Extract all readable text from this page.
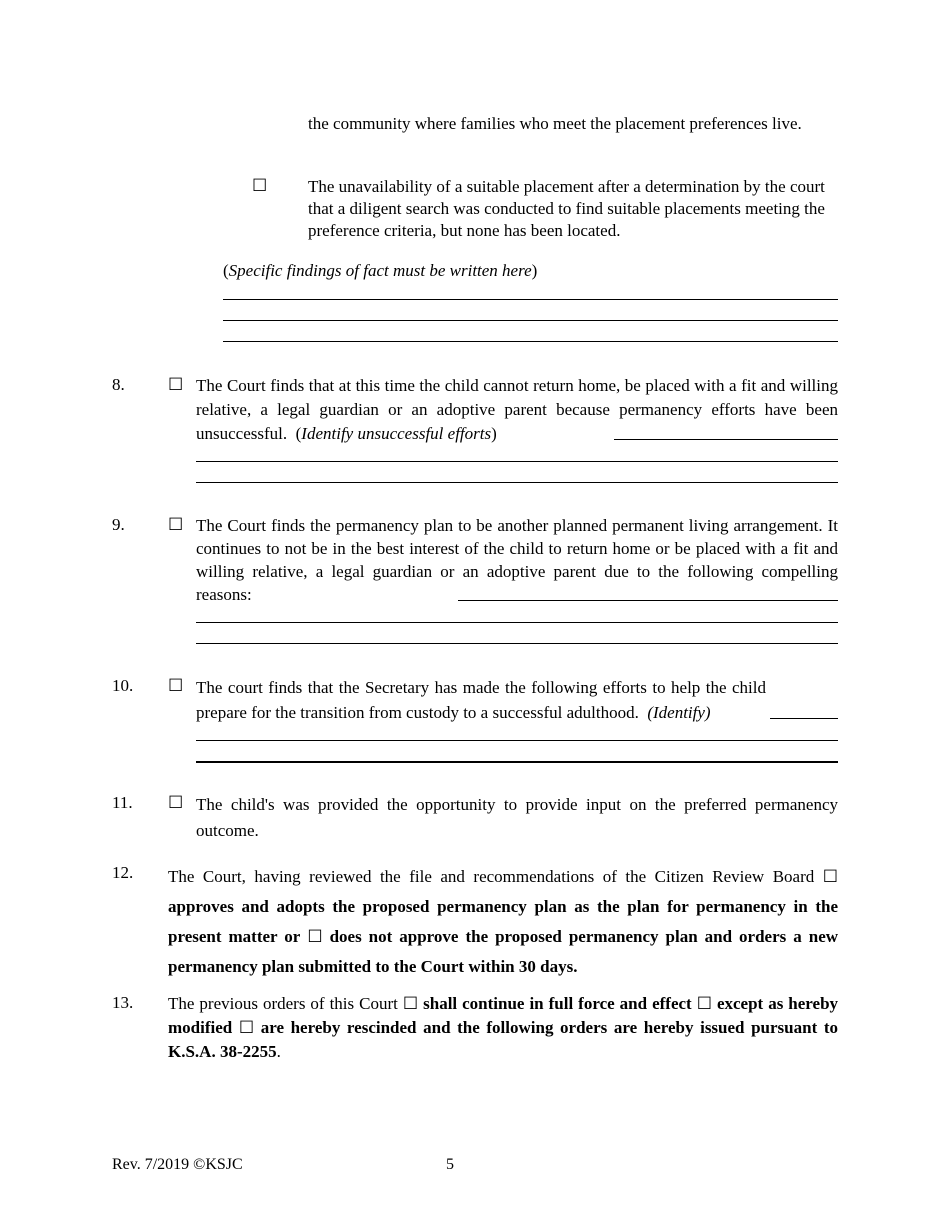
the community where families who meet the placement preferences live.

☐ The unavailability of a suitable placement after a determination by the court that a diligent search was conducted to find suitable placements meeting the preference criteria, but none has been located.

(Specific findings of fact must be written here)

8.	☐ The Court finds that at this time the child cannot return home, be placed with a fit and willing relative, a legal guardian or an adoptive parent because permanency efforts have been unsuccessful. (Identify unsuccessful efforts)

9.	☐ The Court finds the permanency plan to be another planned permanent living arrangement. It continues to not be in the best interest of the child to return home or be placed with a fit and willing relative, a legal guardian or an adoptive parent due to the following compelling reasons:

10. ☐ The court finds that the Secretary has made the following efforts to help the child prepare for the transition from custody to a successful adulthood. (Identify)

11. ☐ The child's was provided the opportunity to provide input on the preferred permanency outcome.

12. The Court, having reviewed the file and recommendations of the Citizen Review Board ☐ approves and adopts the proposed permanency plan as the plan for permanency in the present matter or ☐ does not approve the proposed permanency plan and orders a new permanency plan submitted to the Court within 30 days.

13. The previous orders of this Court ☐ shall continue in full force and effect ☐ except as hereby modified ☐ are hereby rescinded and the following orders are hereby issued pursuant to K.S.A. 38-2255.

Rev. 7/2019 ©KSJC	5
